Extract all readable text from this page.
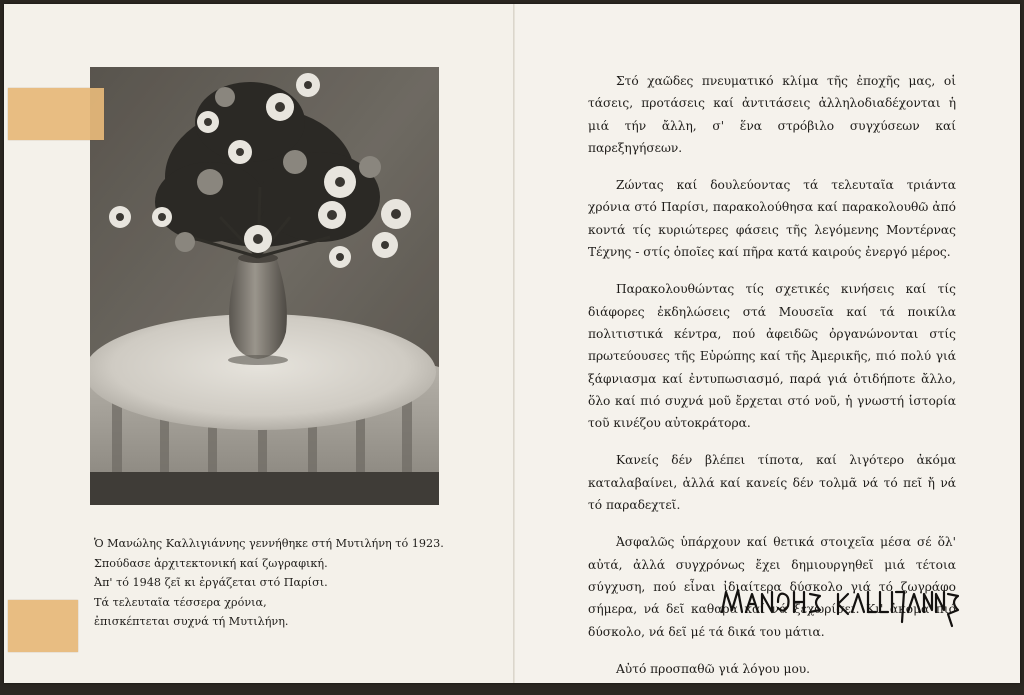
Ὁ Μανώλης Καλλιγιάννης γεννήθηκε στή Μυτιλήνη τό 1923.

Σπούδασε ἀρχιτεκτονική καί ζωγραφική.

Ἀπ' τό 1948 ζεῖ κι ἐργάζεται στό Παρίσι.

Τά τελευταῖα τέσσερα χρόνια,

ἐπισκέπτεται συχνά τή Μυτιλήνη.

Στό χαῶδες πνευματικό κλίμα τῆς ἐποχῆς μας, οἱ τάσεις, προτάσεις καί ἀντιτάσεις ἀλληλοδιαδέχονται ἡ μιά τήν ἄλλη, σ' ἕνα στρόβιλο συγχύσεων καί παρεξηγήσεων.

Ζώντας καί δουλεύοντας τά τελευταῖα τριάντα χρόνια στό Παρίσι, παρακολούθησα καί παρακολουθῶ ἀπό κοντά τίς κυριώτερες φάσεις τῆς λεγόμενης Μοντέρνας Τέχνης - στίς ὁποῖες καί πῆρα κατά καιρούς ἐνεργό μέρος.

Παρακολουθώντας τίς σχετικές κινήσεις καί τίς διάφορες ἐκδηλώσεις στά Μουσεῖα καί τά ποικίλα πολιτιστικά κέντρα, πού ἀφειδῶς ὀργανώνονται στίς πρωτεύουσες τῆς Εὐρώπης καί τῆς Ἀμερικῆς, πιό πολύ γιά ξάφνιασμα καί ἐντυπωσιασμό, παρά γιά ὁτιδήποτε ἄλλο, ὅλο καί πιό συχνά μοῦ ἔρχεται στό νοῦ, ἡ γνωστή ἱστορία τοῦ κινέζου αὐτοκράτορα.

Κανείς δέν βλέπει τίποτα, καί λιγότερο ἀκόμα καταλαβαίνει, ἀλλά καί κανείς δέν τολμᾶ νά τό πεῖ ἤ νά τό παραδεχτεῖ.

Ἀσφαλῶς ὑπάρχουν καί θετικά στοιχεῖα μέσα σέ ὅλ' αὐτά, ἀλλά συγχρόνως ἔχει δημιουργηθεῖ μιά τέτοια σύγχυση, πού εἶναι ἰδιαίτερα δύσκολο γιά τό ζωγράφο σήμερα, νά δεῖ καθαρά καί νά ξεχωρίσει. Κι' ἀκόμα πιό δύσκολο, νά δεῖ μέ τά δικά του μάτια.

Αὐτό προσπαθῶ γιά λόγου μου.
